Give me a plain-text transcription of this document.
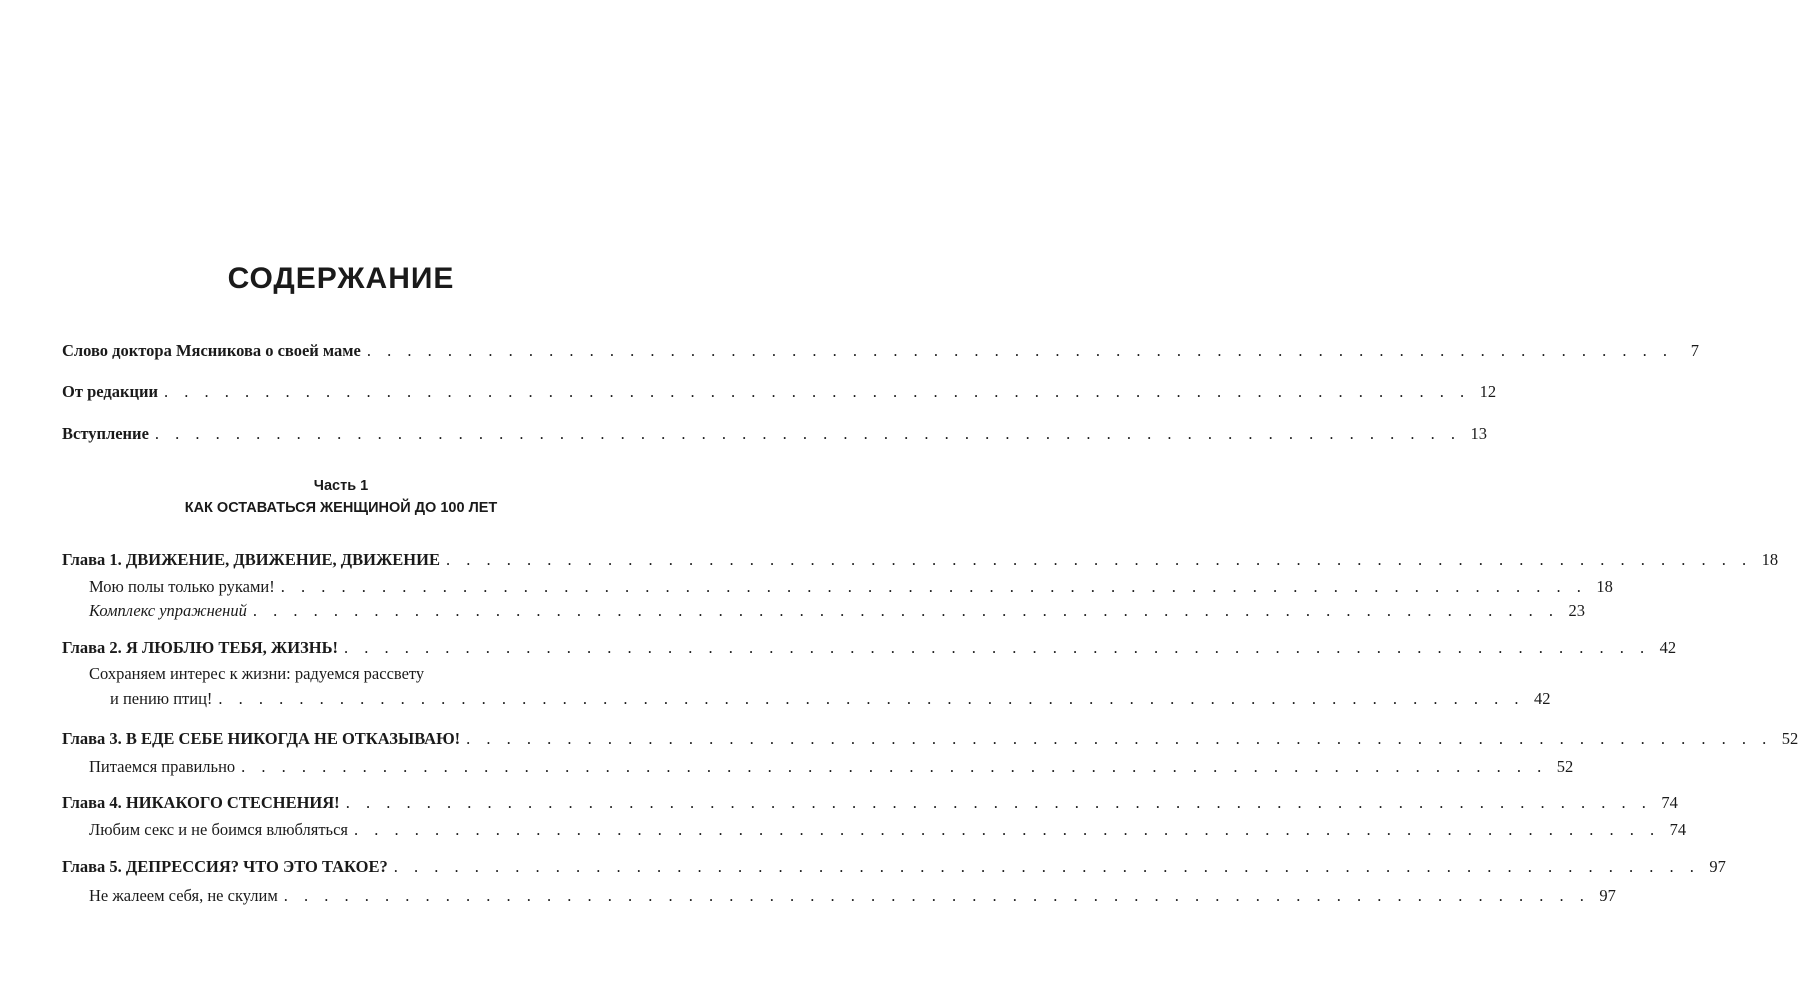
СОДЕРЖАНИЕ
Слово доктора Мясникова о своей маме . . . . . . . . . . . . . . . . . . . . . . . . . . . . . . . . . . . . . . . . . . . . . . . . . . . . . . . . . . . . . . . . .	7
От редакции . . . . . . . . . . . . . . . . . . . . . . . . . . . . . . . . . . . . . . . . . . . . . . . . . . . . . . . . . . . . . . . . . 12
Вступление . . . . . . . . . . . . . . . . . . . . . . . . . . . . . . . . . . . . . . . . . . . . . . . . . . . . . . . . . . . . . . . . . 13
Часть 1
КАК ОСТАВАТЬСЯ ЖЕНЩИНОЙ ДО 100 ЛЕТ
Глава 1. ДВИЖЕНИЕ, ДВИЖЕНИЕ, ДВИЖЕНИЕ . . . . . . . . . . . . . . . . . . . . . . . . . . . . . . . . . . . . . . . . . . . . . . . . . . . . . . . . . . . . . . . . . 18
Мою полы только руками! . . . . . . . . . . . . . . . . . . . . . . . . . . . . . . . . . . . . . . . . . . . . . . . . . . . . . . . . . . . . . . . . . 18
Комплекс упражнений . . . . . . . . . . . . . . . . . . . . . . . . . . . . . . . . . . . . . . . . . . . . . . . . . . . . . . . . . . . . . . . . . 23
Глава 2. Я ЛЮБЛЮ ТЕБЯ, ЖИЗНЬ! . . . . . . . . . . . . . . . . . . . . . . . . . . . . . . . . . . . . . . . . . . . . . . . . . . . . . . . . . . . . . . . . . 42
Сохраняем интерес к жизни: радуемся рассвету
и пению птиц! . . . . . . . . . . . . . . . . . . . . . . . . . . . . . . . . . . . . . . . . . . . . . . . . . . . . . . . . . . . . . . . . . 42
Глава 3. В ЕДЕ СЕБЕ НИКОГДА НЕ ОТКАЗЫВАЮ! . . . . . . . . . . . . . . . . . . . . . . . . . . . . . . . . . . . . . . . . . . . . . . . . . . . . . . . . . . . . . . . . . 52
Питаемся правильно . . . . . . . . . . . . . . . . . . . . . . . . . . . . . . . . . . . . . . . . . . . . . . . . . . . . . . . . . . . . . . . . . 52
Глава 4. НИКАКОГО СТЕСНЕНИЯ! . . . . . . . . . . . . . . . . . . . . . . . . . . . . . . . . . . . . . . . . . . . . . . . . . . . . . . . . . . . . . . . . . 74
Любим секс и не боимся влюбляться . . . . . . . . . . . . . . . . . . . . . . . . . . . . . . . . . . . . . . . . . . . . . . . . . . . . . . . . . . . . . . . . . 74
Глава 5. ДЕПРЕССИЯ? ЧТО ЭТО ТАКОЕ? . . . . . . . . . . . . . . . . . . . . . . . . . . . . . . . . . . . . . . . . . . . . . . . . . . . . . . . . . . . . . . . . . 97
Не жалеем себя, не скулим . . . . . . . . . . . . . . . . . . . . . . . . . . . . . . . . . . . . . . . . . . . . . . . . . . . . . . . . . . . . . . . . . 97
